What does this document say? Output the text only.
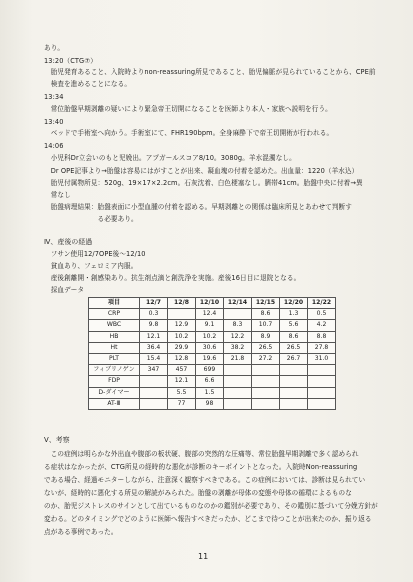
あり。
13:20（CTG⑦）
　胎児発育あること、入院時よりnon-reassuring所見であること、胎児偏脈が見られていることから、CPE前
　検査を進めることになる。
13:34
　常位胎盤早期剥離の疑いにより緊急帝王切開になることを医師より本人・家族へ説明を行う。
13:40
　ベッドで手術室へ向かう。手術室にて、FHR190bpm。全身麻酔下で帝王切開術が行われる。
14:06
　小児科Dr立会いのもと児娩出。アプガールスコア8/10。3080g。羊水混濁なし。
　Dr OPE記事より→胎盤は容易にはがすことが出来、凝血塊の付着を認めた。出血量：1220（羊水込）
　胎児付属物所見：520g、19×17×2.2cm。石灰沈着、白色梗塞なし。臍帯41cm。胎盤中央に付着→異
　常なし
　胎盤病理結果：胎盤表面に小型血腫の付着を認める。早期剥離との関係は臨床所見とあわせて判断す
　　　　　　　　る必要あり。
Ⅳ、産後の経過
　フサン使用12/7OPE後～12/10
　貧血あり、フェロミア内服。
　産後創離開・創感染あり。抗生剤点滴と創洗浄を実施。産後16日目に退院となる。
　採血データ
Ⅴ、考察
　この症例は明らかな外出血や腹部の板状硬、腹部の突然的な圧痛等、常位胎盤早期剥離で多く認められ
る症状はなかったが、CTG所見の経時的な悪化が診断のキーポイントとなった。入院時Non-reassuring
である場合、経過モニターしながら、注意深く観察すべきである。この症例においては、診断は見られてい
ないが、経時的に悪化する所見の解読がみられた。胎盤の剥離が母体の変態や母体の循環によるものな
のか、胎児ジストレスのサインとして出ているものなのかの鑑別が必要であり、その鑑別に基づいて分娩方針が
変わる。どのタイミングでどのように医師へ報告すべきだったか、どこまで待つことが出来たのか、振り返る
点がある事例であった。
項目	12/7	12/8	12/10	12/14	12/15	12/20	12/22
CRP	0.3		12.4		8.6	1.3	0.5
WBC	9.8	12.9	9.1	8.3	10.7	5.6	4.2
HB	12.1	10.2	10.2	12.2	8.9	8.6	8.8
Ht	36.4	29.9	30.6	38.2	26.5	26.5	27.8
PLT	15.4	12.8	19.6	21.8	27.2	26.7	31.0
フィブリノゲン	347	457	699				
FDP		12.1	6.6				
D-ダイマー		5.5	1.5				
AT-Ⅲ		77	98				
11
